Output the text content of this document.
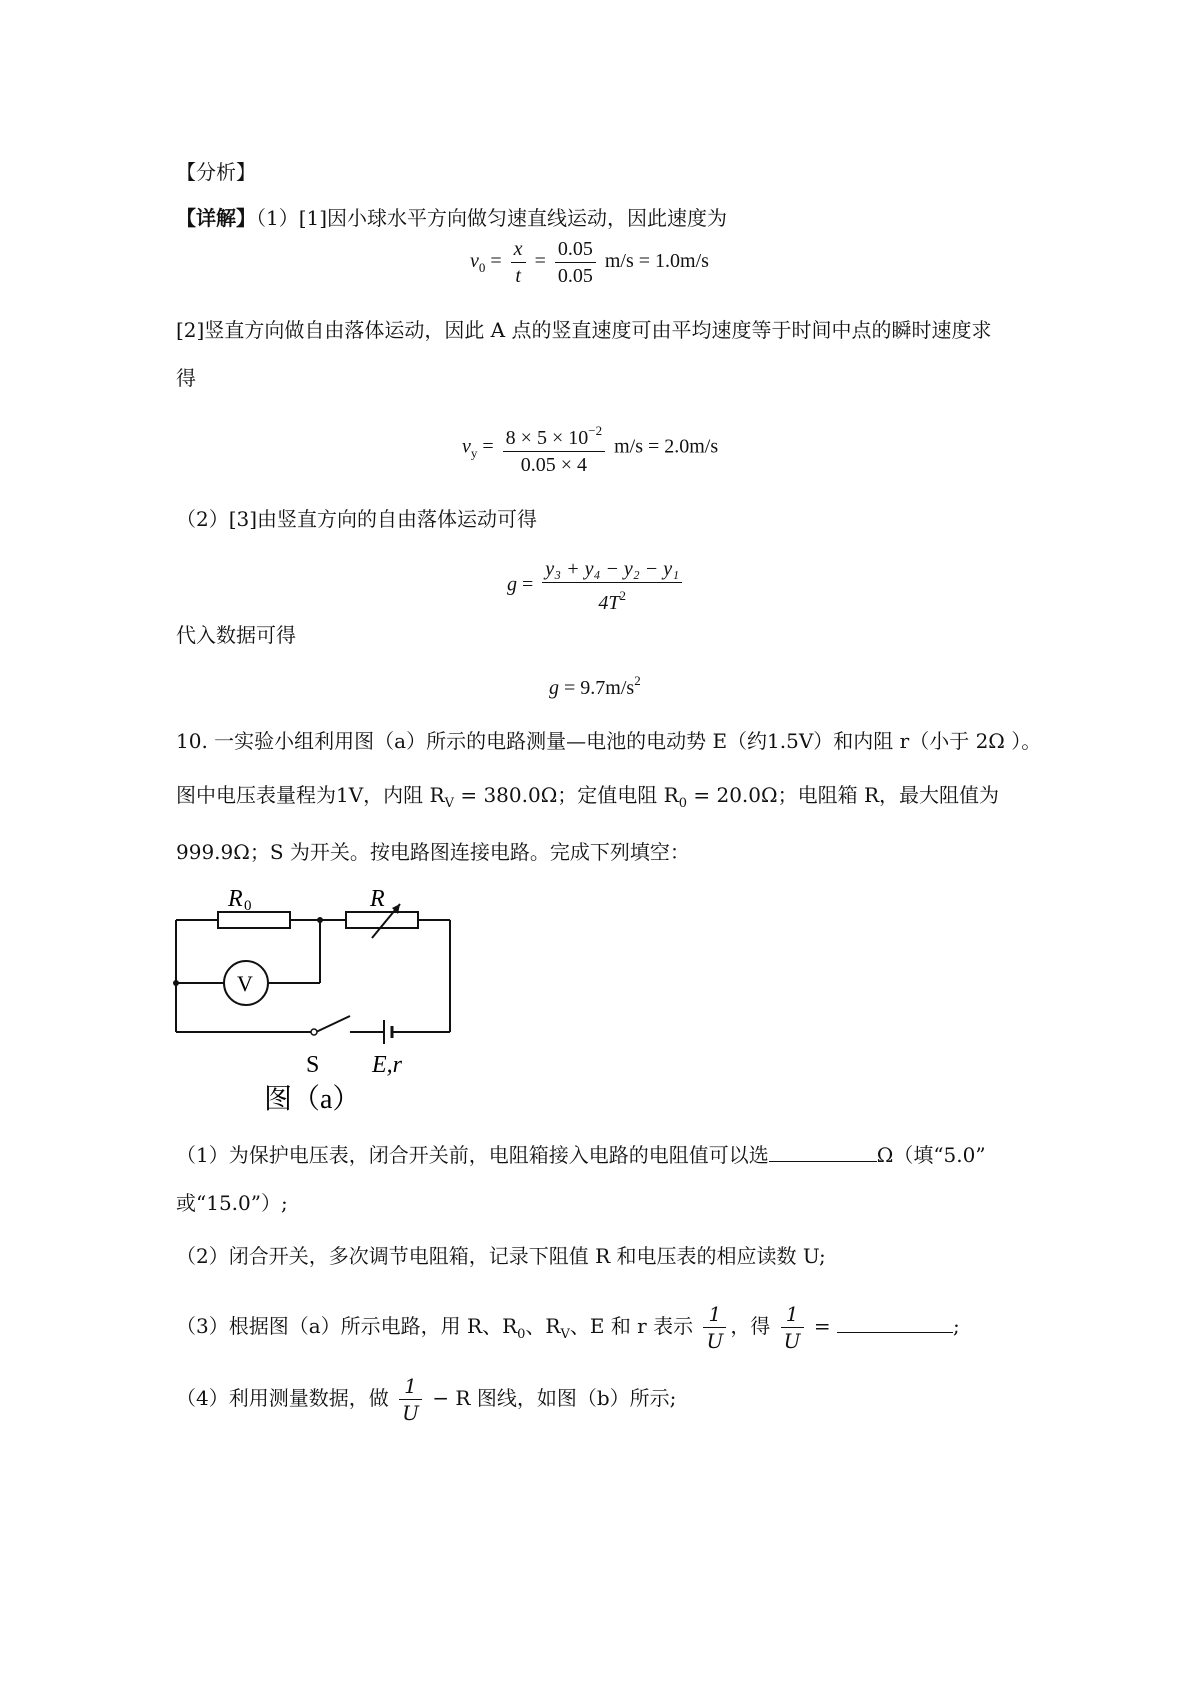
【分析】
【详解】（1）[1]因小球水平方向做匀速直线运动，因此速度为
$v_0 = \frac{x}{t} = \frac{0.05}{0.05} m/s = 1.0m/s$
[2]竖直方向做自由落体运动，因此 A 点的竖直速度可由平均速度等于时间中点的瞬时速度求
得
$v_y = \frac{8 \times 5 \times 10^{-2}}{0.05 \times 4} m/s = 2.0m/s$
（2）[3]由竖直方向的自由落体运动可得
$g = \frac{\text{y₃ + y₄ − y₂ − y₁}}{4T^2}$
代入数据可得
$g = 9.7m/s^2$
10. 一实验小组利用图（a）所示的电路测量—电池的电动势 E（约1.5V）和内阻 r（小于 2Ω ）。
图中电压表量程为1V，内阻 $R_V = 380.0\Omega$；定值电阻 $R_0 = 20.0\Omega$；电阻箱 R，最大阻值为
999.9Ω；S 为开关。按电路图连接电路。完成下列填空：
R 0	R
V
S E,r
图（a）
（1）为保护电压表，闭合开关前，电阻箱接入电路的电阻值可以选	Ω（填“5.0”
或“15.0”）;
（2）闭合开关，多次调节电阻箱，记录下阻值 R 和电压表的相应读数 U;
（3）根据图（a）所示电路，用 R、$R_0$、$R_V$、E 和 r 表示 $\frac{1}{U}$ ，得 $\frac{1}{U}$ =	;
（4）利用测量数据，做 $\frac{1}{U} - R$ 图线，如图（b）所示;
